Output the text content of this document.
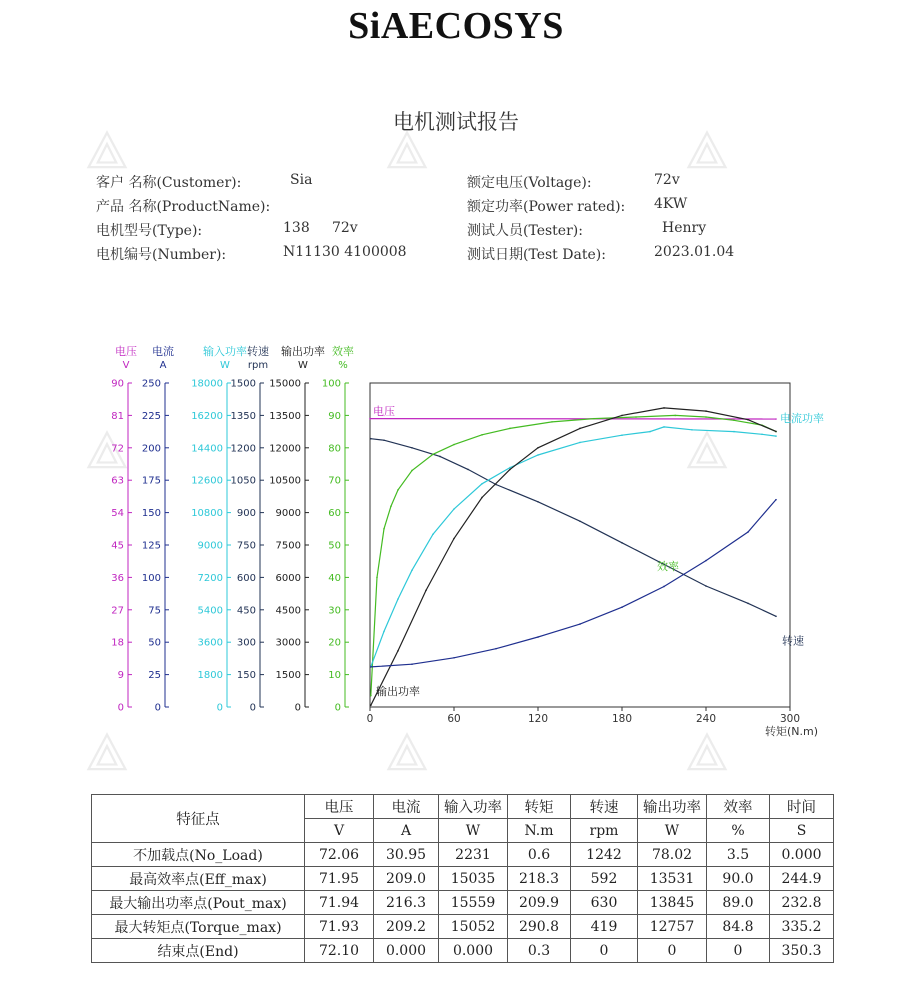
SiAECOSYS
电机测试报告
客户 名称(Customer):	Sia
产品 名称(ProductName):
电机型号(Type):	138     72v
电机编号(Number):	N11130 4100008
额定电压(Voltage):	72v
额定功率(Power rated): 4KW
测试人员(Tester):	Henry
测试日期(Test Date):	2023.01.04
电压
V
0
9
18
27
36
45
54
63
72
81
90
电流
A
0
25
50
75
100
125
150
175
200
225
250
输入功率
W
0
1800
3600
5400
7200
9000
10800
12600
14400
16200
18000
转速
rpm
0
150
300
450
600
750
900
1050
1200
1350
1500
输出功率
W
0
1500
3000
4500
6000
7500
9000
10500
12000
13500
15000
效率
%
0
10
20
30
40
50
60
70
80
90
100
0	60	120	180	240	300
转矩(N.m)
电压
电流功率
效率
转速
输出功率
特征点	电压	电流	输入功率	转矩	转速	输出功率	效率	时间
	V	A	W	N.m	rpm	W	%	S
不加载点(No_Load)	72.06	30.95	2231	0.6	1242	78.02	3.5	0.000
最高效率点(Eff_max)	71.95	209.0	15035	218.3	592	13531	90.0	244.9
最大输出功率点(Pout_max)	71.94	216.3	15559	209.9	630	13845	89.0	232.8
最大转矩点(Torque_max)	71.93	209.2	15052	290.8	419	12757	84.8	335.2
结束点(End)	72.10	0.000	0.000	0.3	0	0	0	350.3
